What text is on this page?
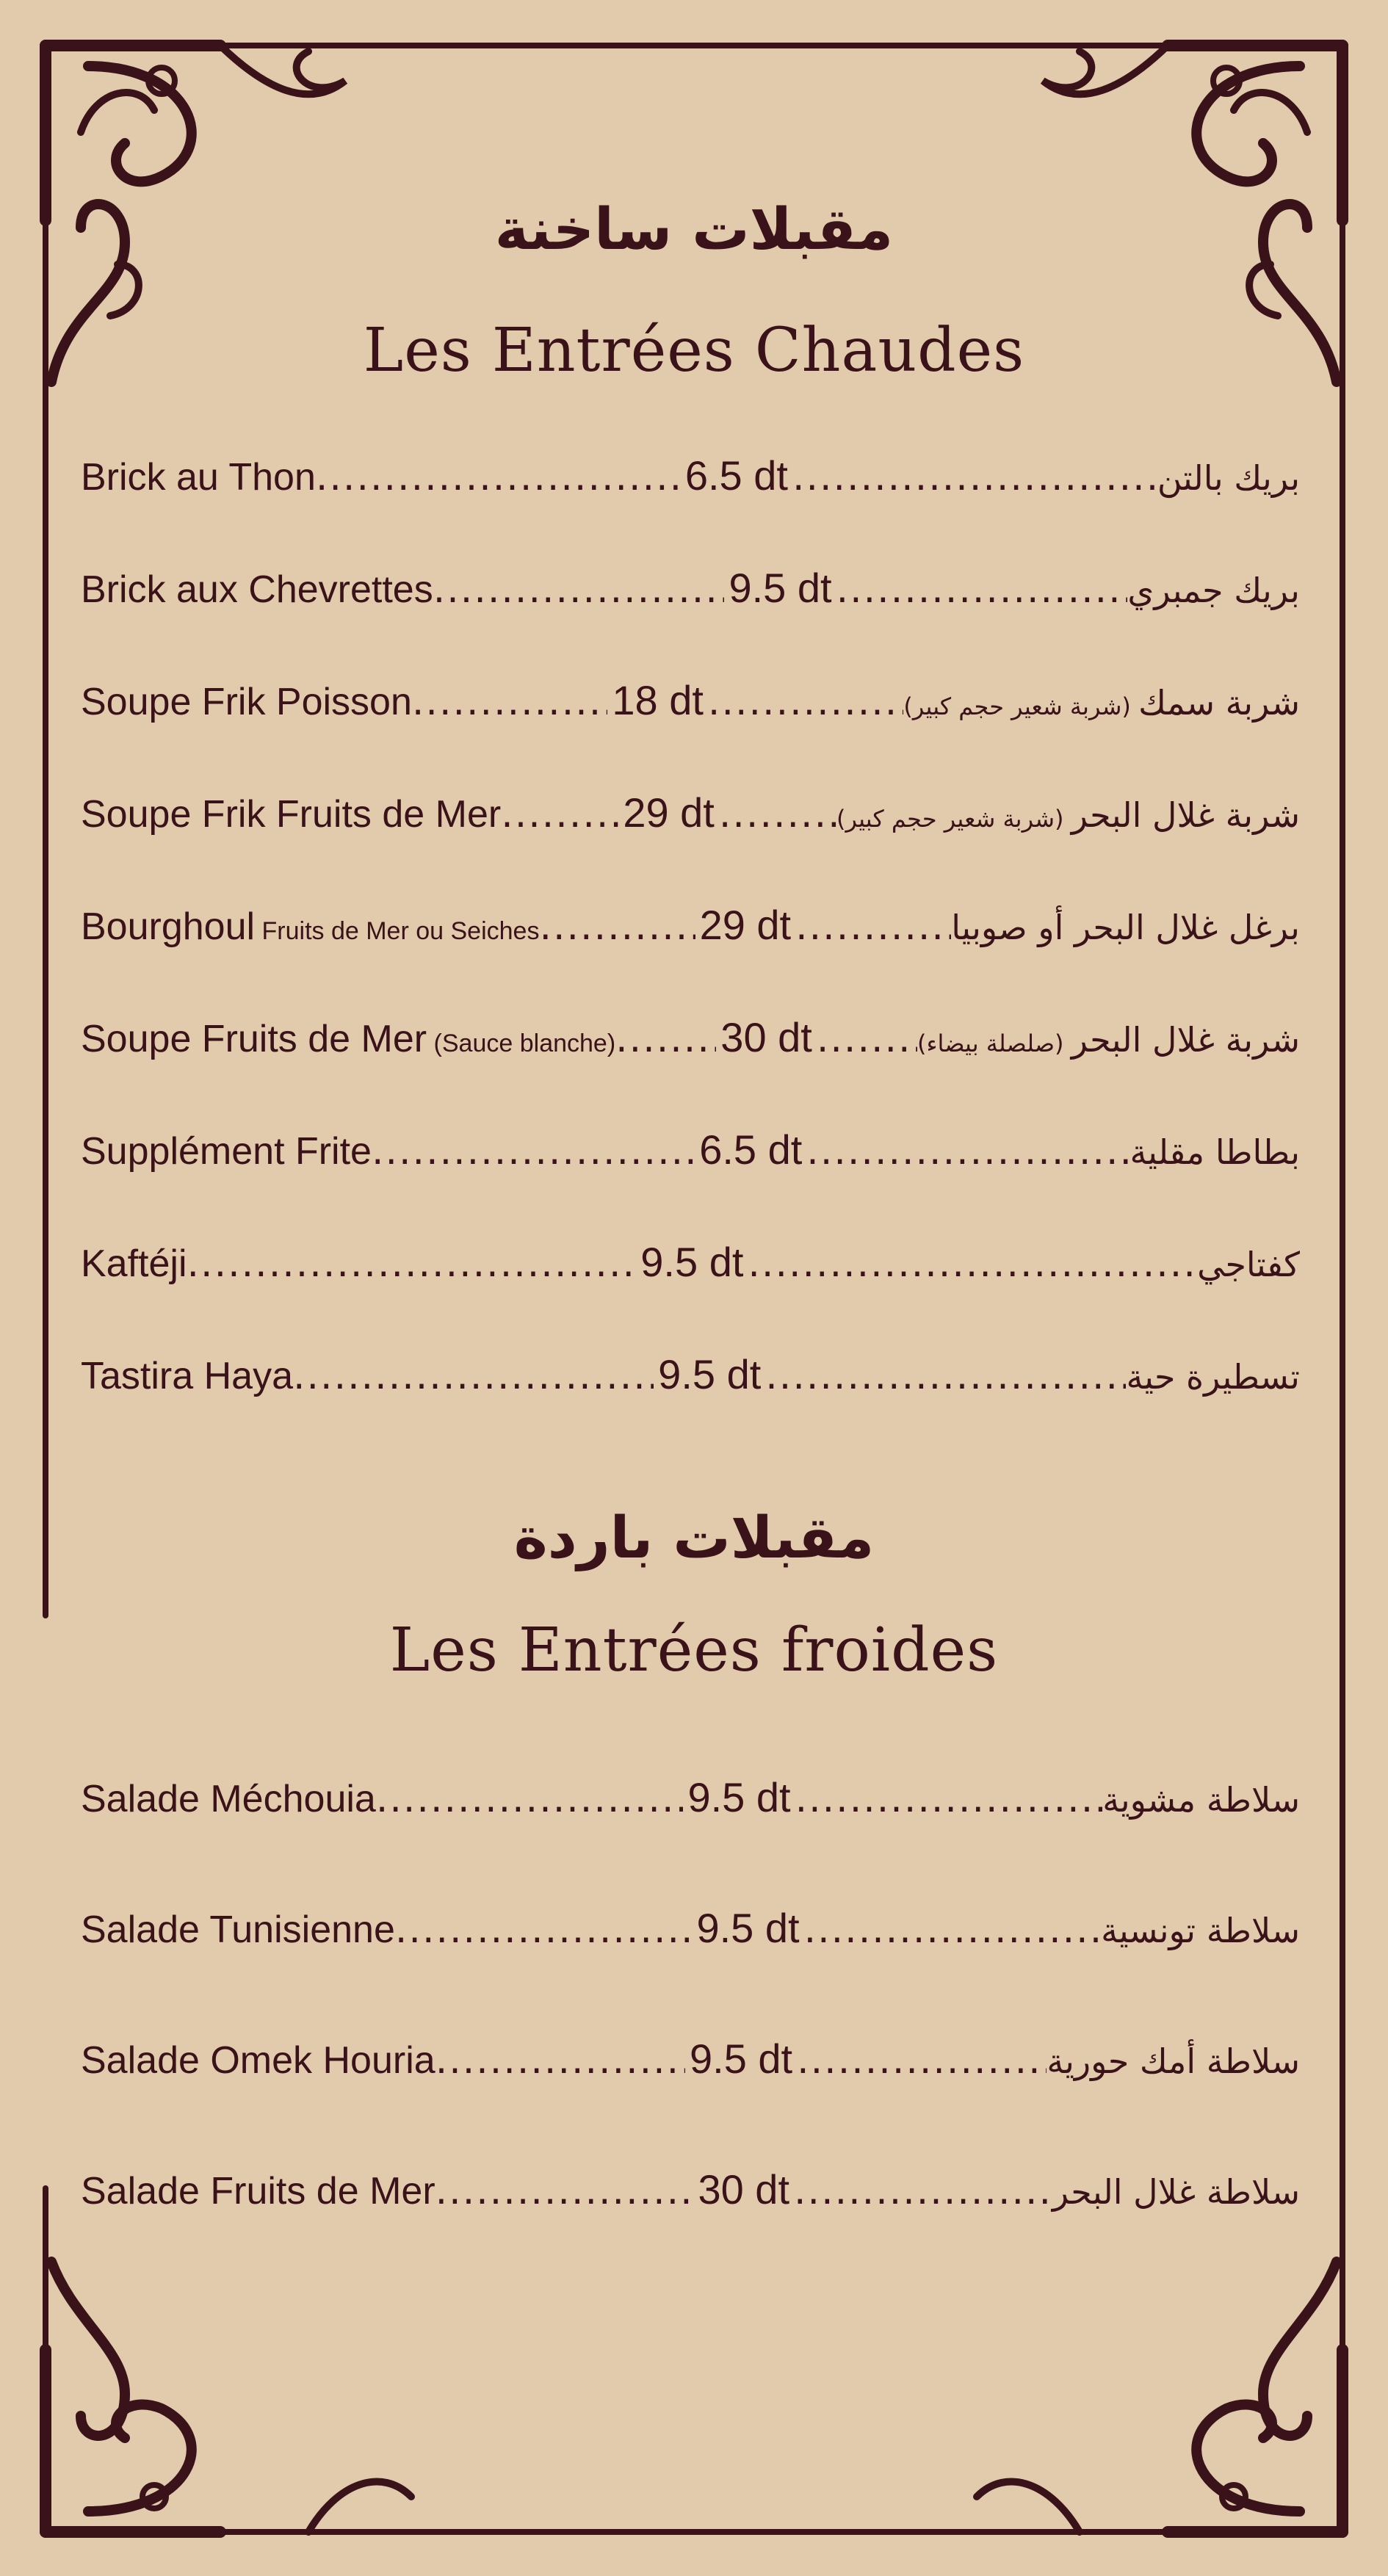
مقبلات ساخنة
Les Entrées Chaudes
Brick au Thon .....	6.5 dt .....	بريك بالتن
Brick aux Chevrettes .....	9.5 dt .....	بريك جمبري
Soupe Frik Poisson .....	18 dt .....	شربة سمك (شربة شعير حجم كبير)
Soupe Frik Fruits de Mer .....	29 dt .....	شربة غلال البحر (شربة شعير حجم كبير)
Bourghoul Fruits de Mer ou Seiches .....	29 dt .....	برغل غلال البحر أو صوبيا
Soupe Fruits de Mer (Sauce blanche) .....	30 dt .....	شربة غلال البحر (صلصلة بيضاء)
Supplément Frite .....	6.5 dt .....	بطاطا مقلية
Kaftéji .....	9.5 dt .....	كفتاجي
Tastira Haya .....	9.5 dt .....	تسطيرة حية
مقبلات باردة
Les Entrées froides
Salade Méchouia .....	9.5 dt .....	سلاطة مشوية
Salade Tunisienne .....	9.5 dt .....	سلاطة تونسية
Salade Omek Houria .....	9.5 dt .....	سلاطة أمك حورية
Salade Fruits de Mer .....	30 dt .....	سلاطة غلال البحر
